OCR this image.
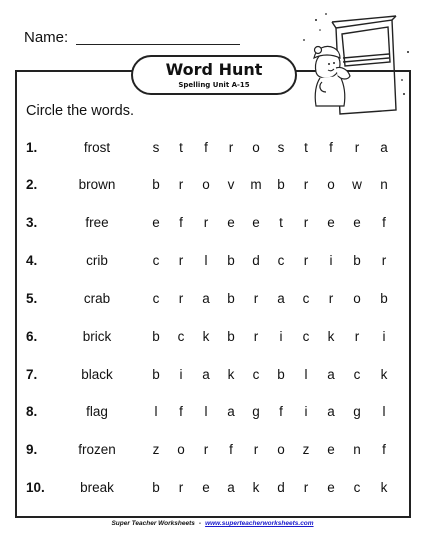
Name:
Word Hunt
Spelling Unit A-15
Circle the words.
1.	frost	s	t	f	r	o s	t	f	r	a
2.	brown	b	r	o v m b	r	o w n
3.	free	e	f	r	e e	t	r	e e	f
4.	crib	c	r	l	b d c	r	i	b	r
5.	crab	c	r	a b	r	a c	r	o b
6.	brick	b c k b	r	i	c k	r	i
7.	black	b	i	a k c b	l	a c k
8.	flag	l	f	l	a g	f	i	a g	l
9.	frozen	z o	r	f	r	o z e n	f
10.	break	b	r	e a k d	r	e c k
Super Teacher Worksheets - www.superteacherworksheets.com
